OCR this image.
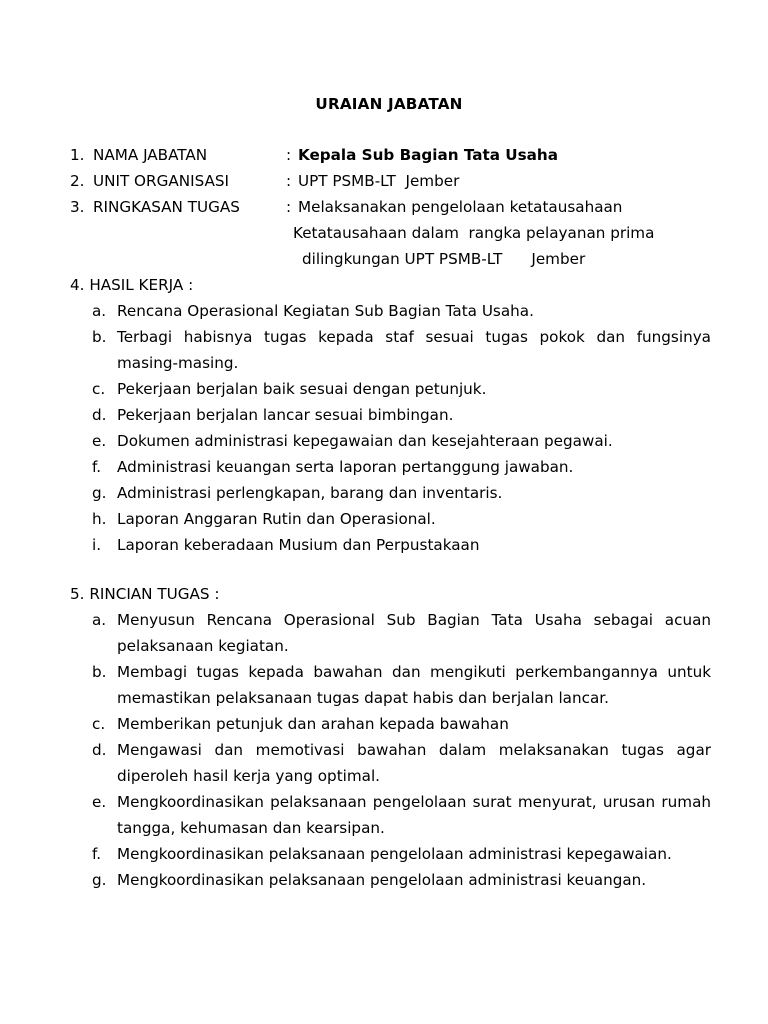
URAIAN JABATAN
1. NAMA JABATAN	: Kepala Sub Bagian Tata Usaha
2. UNIT ORGANISASI	: UPT PSMB-LT  Jember
3. RINGKASAN TUGAS	: Melaksanakan pengelolaan ketatausahaan
Ketatausahaan dalam  rangka pelayanan prima
dilingkungan UPT PSMB-LT      Jember
4. HASIL KERJA :
a. Rencana Operasional Kegiatan Sub Bagian Tata Usaha.
b. Terbagi habisnya tugas kepada staf sesuai tugas pokok dan fungsinya
masing-masing.
c. Pekerjaan berjalan baik sesuai dengan petunjuk.
d. Pekerjaan berjalan lancar sesuai bimbingan.
e. Dokumen administrasi kepegawaian dan kesejahteraan pegawai.
f. Administrasi keuangan serta laporan pertanggung jawaban.
g. Administrasi perlengkapan, barang dan inventaris.
h. Laporan Anggaran Rutin dan Operasional.
i. Laporan keberadaan Musium dan Perpustakaan
5. RINCIAN TUGAS :
a. Menyusun Rencana Operasional Sub Bagian Tata Usaha sebagai acuan
pelaksanaan kegiatan.
b. Membagi tugas kepada bawahan dan mengikuti perkembangannya untuk
memastikan pelaksanaan tugas dapat habis dan berjalan lancar.
c. Memberikan petunjuk dan arahan kepada bawahan
d. Mengawasi dan memotivasi bawahan dalam melaksanakan tugas agar
diperoleh hasil kerja yang optimal.
e. Mengkoordinasikan pelaksanaan pengelolaan surat menyurat, urusan rumah
tangga, kehumasan dan kearsipan.
f. Mengkoordinasikan pelaksanaan pengelolaan administrasi kepegawaian.
g. Mengkoordinasikan pelaksanaan pengelolaan administrasi keuangan.
